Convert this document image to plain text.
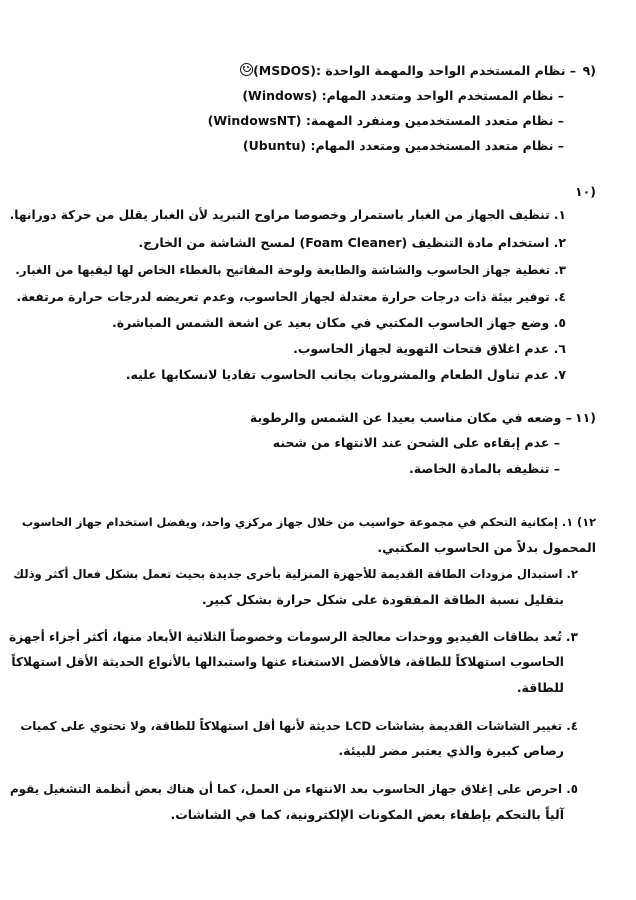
٩)
– نظام المستخدم الواحد والمهمة الواحدة :(MSDOS)
– نظام المستخدم الواحد ومتعدد المهام: (Windows)
– نظام متعدد المستخدمين ومنفرد المهمة: (WindowsNT)
– نظام متعدد المستخدمين ومتعدد المهام: (Ubuntu)
١٠)
١. تنظيف الجهاز من الغبار باستمرار وخصوصا مراوح التبريد لأن الغبار يقلل من حركة دورانها.
٢. استخدام مادة التنظيف (Foam Cleaner) لمسح الشاشة من الخارج.
٣. تغطية جهاز الحاسوب والشاشة والطابعة ولوحة المفاتيح بالغطاء الخاص لها ليقيها من الغبار.
٤. توفير بيئة ذات درجات حرارة معتدلة لجهاز الحاسوب، وعدم تعريضه لدرجات حرارة مرتفعة.
٥. وضع جهاز الحاسوب المكتبي في مكان بعيد عن اشعة الشمس المباشرة.
٦. عدم اغلاق فتحات التهوية لجهاز الحاسوب.
٧. عدم تناول الطعام والمشروبات بجانب الحاسوب تفاديا لانسكابها عليه.
١١)
– وضعه في مكان مناسب بعيدا عن الشمس والرطوبة
– عدم إبقاءه على الشحن عند الانتهاء من شحنه
– تنظيفه بالمادة الخاصة.
١٢) ١. إمكانية التحكم في مجموعة حواسيب من خلال جهاز مركزي واحد، ويفضل استخدام جهاز الحاسوب
المحمول بدلاً من الحاسوب المكتبي.
٢. استبدال مزودات الطاقة القديمة للأجهزة المنزلية بأخرى جديدة بحيث تعمل بشكل فعال أكثر وذلك
بتقليل نسبة الطاقة المفقودة على شكل حرارة بشكل كبير.
٣. تُعد بطاقات الفيديو ووحدات معالجة الرسومات وخصوصاً الثلاثية الأبعاد منها، أكثر أجزاء أجهزة
الحاسوب استهلاكاً للطاقة، فالأفضل الاستغناء عنها واستبدالها بالأنواع الحديثة الأقل استهلاكاً
للطاقة.
٤. تغيير الشاشات القديمة بشاشات LCD حديثة لأنها أقل استهلاكاً للطاقة، ولا تحتوي على كميات
رصاص كبيرة والذي يعتبر مضر للبيئة.
٥. احرص على إغلاق جهاز الحاسوب بعد الانتهاء من العمل، كما أن هناك بعض أنظمة التشغيل يقوم
آلياً بالتحكم بإطفاء بعض المكونات الإلكترونية، كما في الشاشات.
